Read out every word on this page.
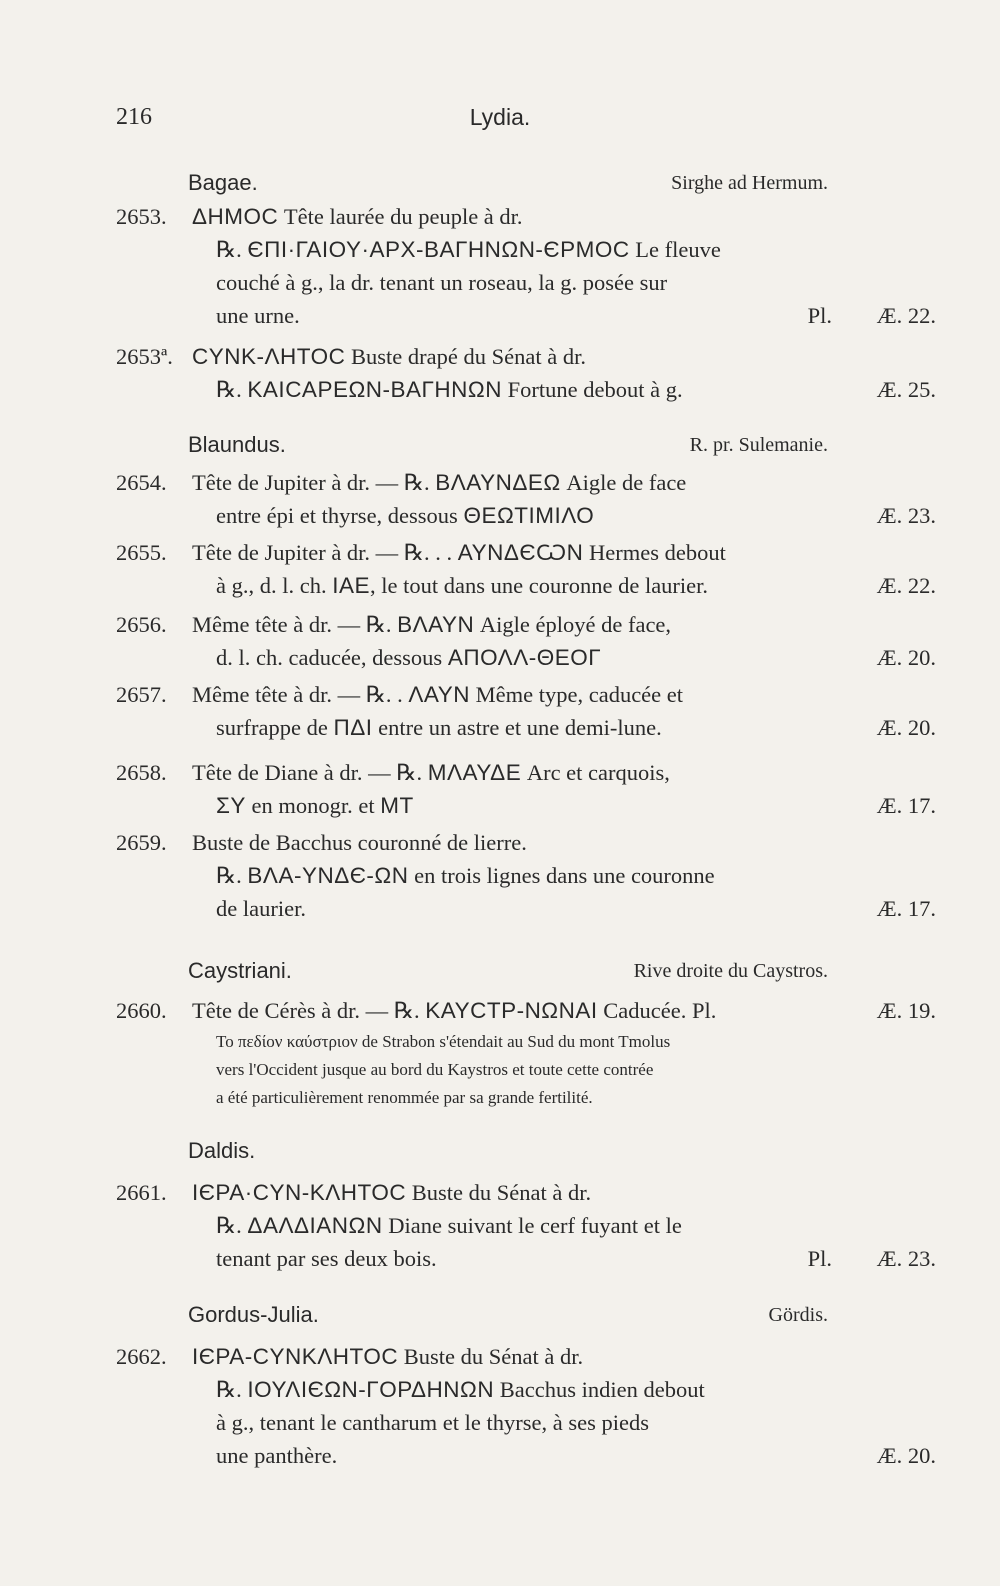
216	Lydia.
Bagae.	Sirghe ad Hermum.
Blaundus.	R. pr. Sulemanie.
Caystriani.	Rive droite du Caystros.
Daldis.
Gordus-Julia.	Gördis.
2653.	ΔΗΜΟϹ Tête laurée du peuple à dr.
℞. ЄΠΙ·ΓΑΙΟΥ·ΑΡΧ-ΒΑΓΗΝΩΝ-ЄΡΜΟϹ Le fleuve
couché à g., la dr. tenant un roseau, la g. posée sur
une urne.	Pl. Æ. 22.
2653ª. ϹΥΝΚ-ΛΗΤΟϹ Buste drapé du Sénat à dr.
℞. ΚΑΙϹΑΡΕΩΝ-ΒΑΓΗΝΩΝ Fortune debout à g.	Æ. 25.
2654.	Tête de Jupiter à dr. — ℞. ΒΛΑΥΝΔΕΩ Aigle de face
entre épi et thyrse, dessous ΘΕΩΤΙΜΙΛΟ	Æ. 23.
2655.	Tête de Jupiter à dr. — ℞. . . ΑΥΝΔЄѠΝ Hermes debout
à g., d. l. ch. ΙΑΕ, le tout dans une couronne de laurier.	Æ. 22.
2656.	Même tête à dr. — ℞. ΒΛΑΥΝ Aigle éployé de face,
d. l. ch. caducée, dessous ΑΠΟΛΛ-ΘΕΟΓ	Æ. 20.
2657.	Même tête à dr. — ℞. . ΛΑΥΝ Même type, caducée et
surfrappe de ΠΔΙ entre un astre et une demi-lune.	Æ. 20.
2658.	Tête de Diane à dr. — ℞. ΜΛΑΥΔΕ Arc et carquois,
ΣΥ en monogr. et ΜΤ	Æ. 17.
2659.	Buste de Bacchus couronné de lierre.
℞. ΒΛΑ-ΥΝΔЄ-ΩΝ en trois lignes dans une couronne
de laurier.	Æ. 17.
2660.	Tête de Cérès à dr. — ℞. ΚΑΥϹΤΡ-ΝΩΝΑΙ Caducée. Pl.	Æ. 19.
2661.	ΙЄΡΑ·ϹΥΝ-ΚΛΗΤΟϹ Buste du Sénat à dr.
℞. ΔΑΛΔΙΑΝΩΝ Diane suivant le cerf fuyant et le
tenant par ses deux bois.	Pl. Æ. 23.
2662.	ΙЄΡΑ-ϹΥΝΚΛΗΤΟϹ Buste du Sénat à dr.
℞. ΙΟΥΛΙЄΩΝ-ΓΟΡΔΗΝΩΝ Bacchus indien debout
à g., tenant le cantharum et le thyrse, à ses pieds
une panthère.	Æ. 20.
Το πεδίον καύστριον de Strabon s'étendait au Sud du mont Tmolus
vers l'Occident jusque au bord du Kaystros et toute cette contrée
a été particulièrement renommée par sa grande fertilité.
